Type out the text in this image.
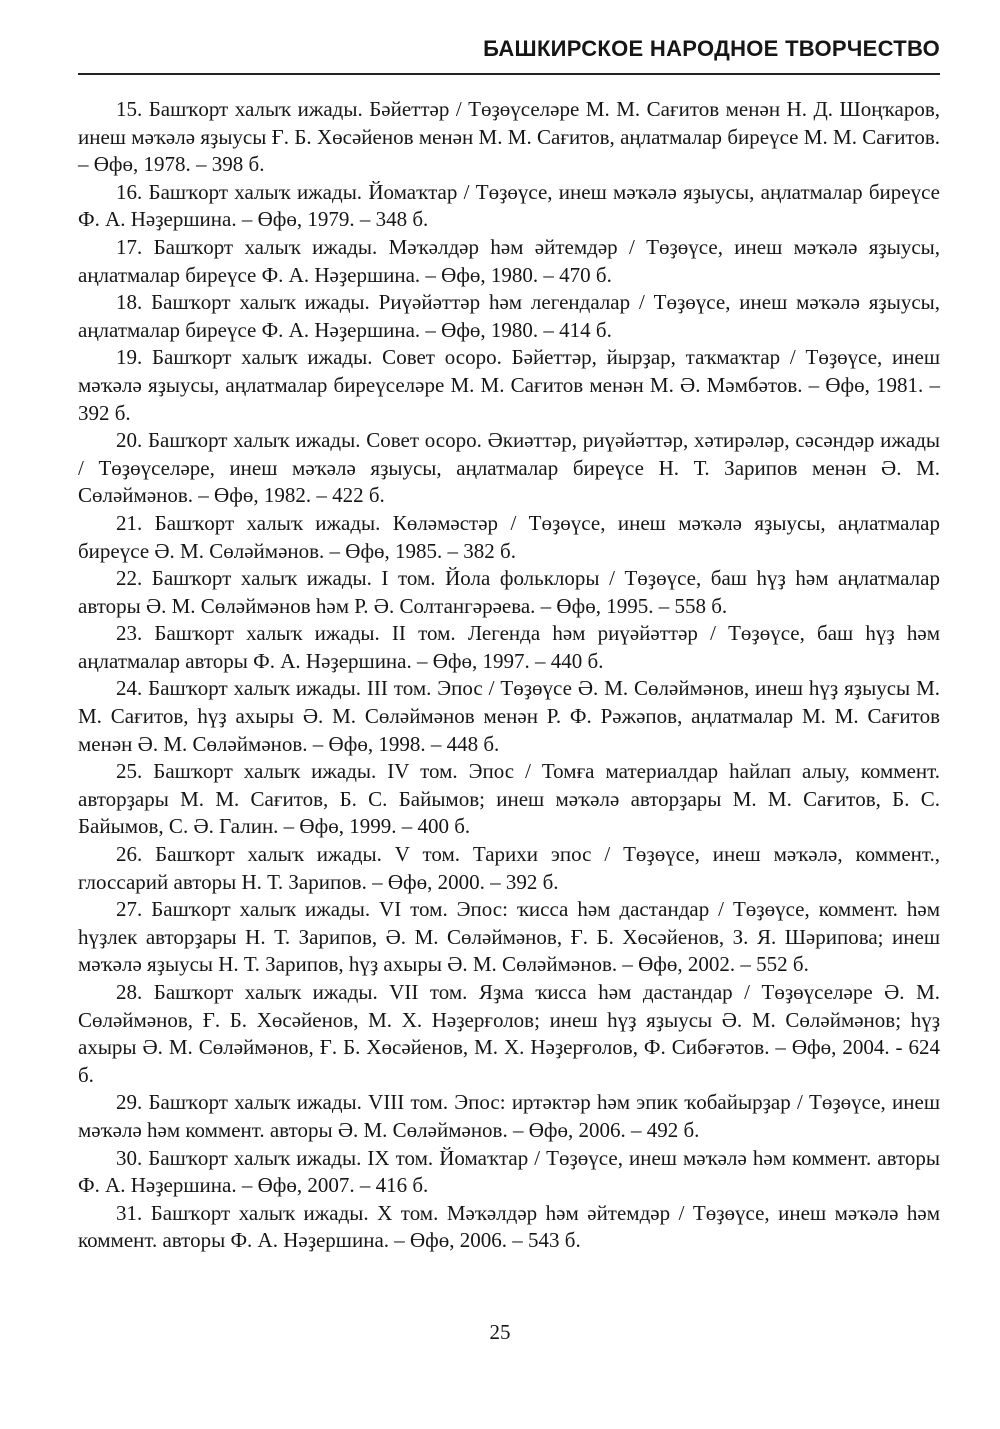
БАШКИРСКОЕ НАРОДНОЕ ТВОРЧЕСТВО

15. Башҡорт халыҡ ижады. Бәйеттәр / Төҙөүселәре М. М. Сағитов менән Н. Д. Шоңҡаров, инеш мәҡәлә яҙыусы Ғ. Б. Хөсәйенов менән М. М. Сағитов, аңлатмалар биреүсе М. М. Сағитов. – Өфө, 1978. – 398 б.

16. Башҡорт халыҡ ижады. Йомаҡтар / Төҙөүсе, инеш мәҡәлә яҙыусы, аңлатмалар биреүсе Ф. А. Нәҙершина. – Өфө, 1979. – 348 б.

17. Башҡорт халыҡ ижады. Мәҡәлдәр һәм әйтемдәр / Төҙөүсе, инеш мәҡәлә яҙыусы, аңлатмалар биреүсе Ф. А. Нәҙершина. – Өфө, 1980. – 470 б.

18. Башҡорт халыҡ ижады. Риүәйәттәр һәм легендалар / Төҙөүсе, инеш мәҡәлә яҙыусы, аңлатмалар биреүсе Ф. А. Нәҙершина. – Өфө, 1980. – 414 б.

19. Башҡорт халыҡ ижады. Совет осоро. Бәйеттәр, йырҙар, таҡмаҡтар / Төҙөүсе, инеш мәҡәлә яҙыусы, аңлатмалар биреүселәре М. М. Сағитов менән М. Ә. Мәмбәтов. – Өфө, 1981. – 392 б.

20. Башҡорт халыҡ ижады. Совет осоро. Әкиәттәр, риүәйәттәр, хәтирәләр, сәсәндәр ижады / Төҙөүселәре, инеш мәҡәлә яҙыусы, аңлатмалар биреүсе Н. Т. Зарипов менән Ә. М. Сөләймәнов. – Өфө, 1982. – 422 б.

21. Башҡорт халыҡ ижады. Көләмәстәр / Төҙөүсе, инеш мәҡәлә яҙыусы, аңлатмалар биреүсе Ә. М. Сөләймәнов. – Өфө, 1985. – 382 б.

22. Башҡорт халыҡ ижады. I том. Йола фольклоры / Төҙөүсе, баш һүҙ һәм аңлатмалар авторы Ә. М. Сөләймәнов һәм Р. Ә. Солтангәрәева. – Өфө, 1995. – 558 б.

23. Башҡорт халыҡ ижады. II том. Легенда һәм риүәйәттәр / Төҙөүсе, баш һүҙ һәм аңлатмалар авторы Ф. А. Нәҙершина. – Өфө, 1997. – 440 б.

24. Башҡорт халыҡ ижады. III том. Эпос / Төҙөүсе Ә. М. Сөләймәнов, инеш һүҙ яҙыусы М. М. Сағитов, һүҙ ахыры Ә. М. Сөләймәнов менән Р. Ф. Рәжәпов, аңлатмалар М. М. Сағитов менән Ә. М. Сөләймәнов. – Өфө, 1998. – 448 б.

25. Башҡорт халыҡ ижады. IV том. Эпос / Томға материалдар һайлап алыу, коммент. авторҙары М. М. Сағитов, Б. С. Байымов; инеш мәҡәлә авторҙары М. М. Сағитов, Б. С. Байымов, С. Ә. Галин. – Өфө, 1999. – 400 б.

26. Башҡорт халыҡ ижады. V том. Тарихи эпос / Төҙөүсе, инеш мәҡәлә, коммент., глоссарий авторы Н. Т. Зарипов. – Өфө, 2000. – 392 б.

27. Башҡорт халыҡ ижады. VI том. Эпос: ҡисса һәм дастандар / Төҙөүсе, коммент. һәм һүҙлек авторҙары Н. Т. Зарипов, Ә. М. Сөләймәнов, Ғ. Б. Хөсәйенов, З. Я. Шәрипова; инеш мәҡәлә яҙыусы Н. Т. Зарипов, һүҙ ахыры Ә. М. Сөләймәнов. – Өфө, 2002. – 552 б.

28. Башҡорт халыҡ ижады. VII том. Яҙма ҡисса һәм дастандар / Төҙөүселәре Ә. М. Сөләймәнов, Ғ. Б. Хөсәйенов, М. Х. Нәҙерғолов; инеш һүҙ яҙыусы Ә. М. Сөләймәнов; һүҙ ахыры Ә. М. Сөләймәнов, Ғ. Б. Хөсәйенов, М. Х. Нәҙерғолов, Ф. Сибәғәтов. – Өфө, 2004. - 624 б.

29. Башҡорт халыҡ ижады. VIII том. Эпос: иртәктәр һәм эпик ҡобайырҙар / Төҙөүсе, инеш мәҡәлә һәм коммент. авторы Ә. М. Сөләймәнов. – Өфө, 2006. – 492 б.

30. Башҡорт халыҡ ижады. IX том. Йомаҡтар / Төҙөүсе, инеш мәҡәлә һәм коммент. авторы Ф. А. Нәҙершина. – Өфө, 2007. – 416 б.

31. Башҡорт халыҡ ижады. X том. Мәҡәлдәр һәм әйтемдәр / Төҙөүсе, инеш мәҡәлә һәм коммент. авторы Ф. А. Нәҙершина. – Өфө, 2006. – 543 б.

25
